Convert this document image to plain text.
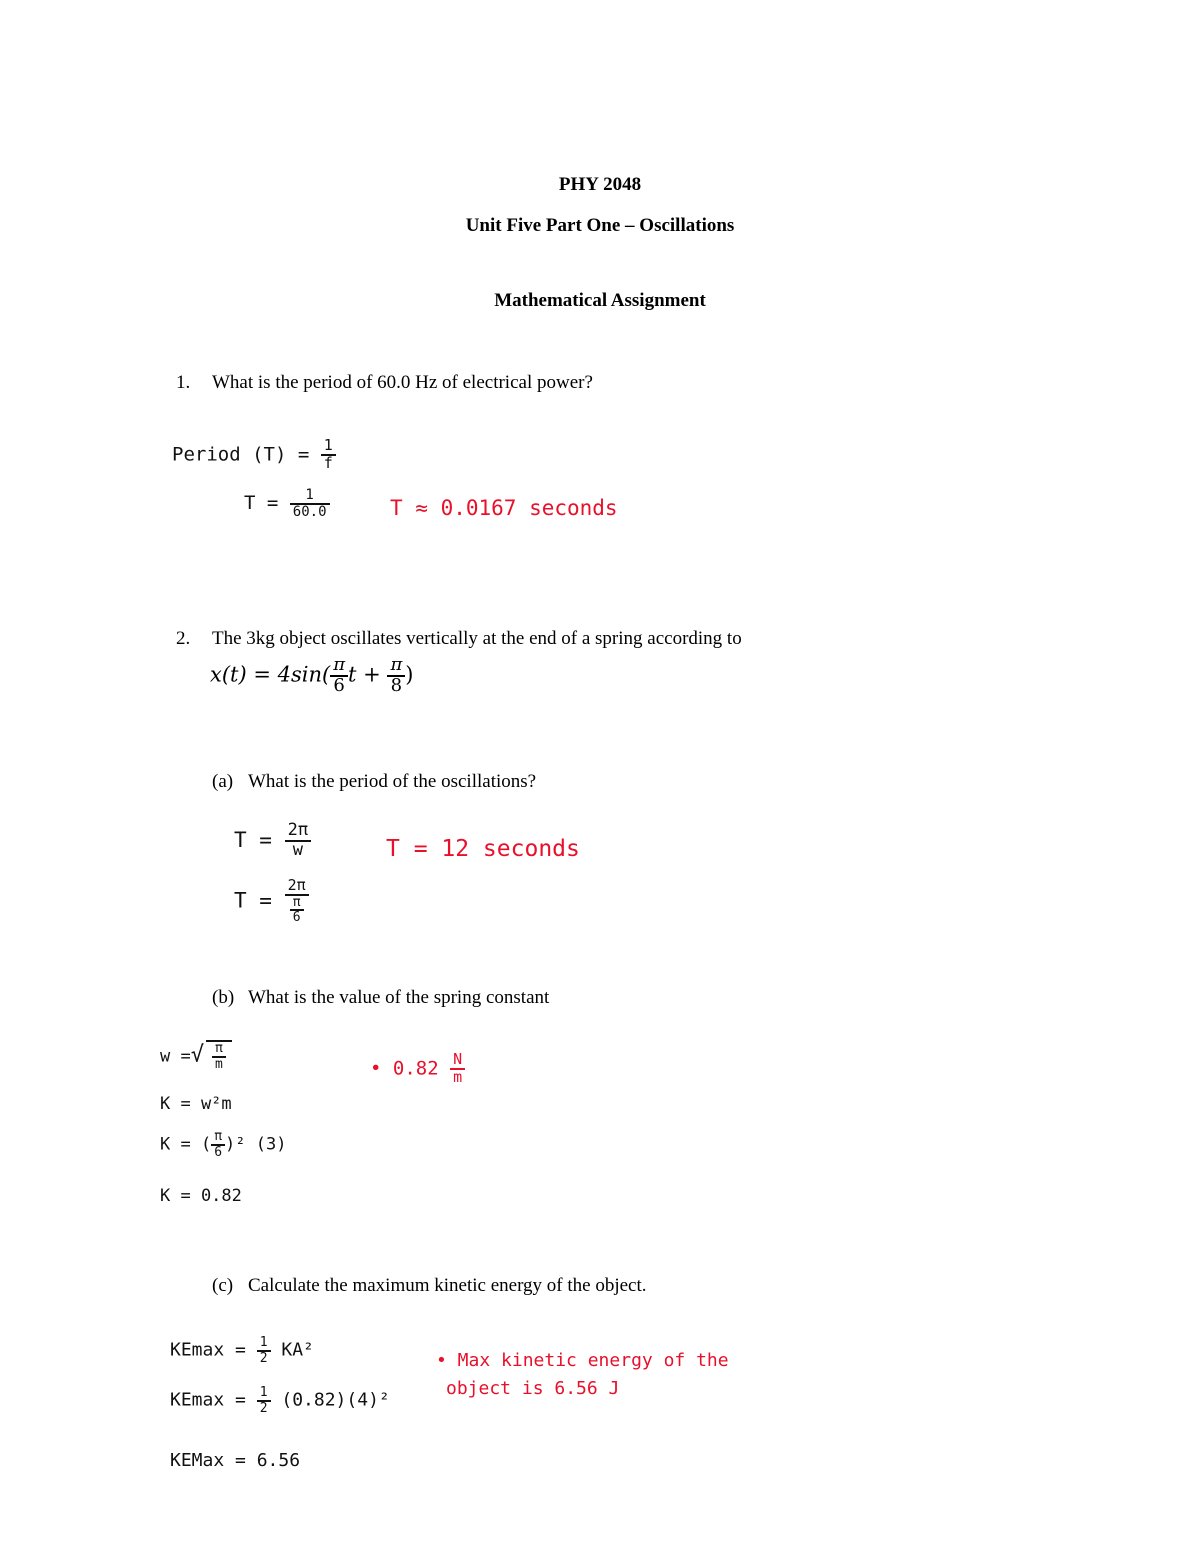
PHY 2048
Unit Five Part One – Oscillations
Mathematical Assignment
1. What is the period of 60.0 Hz of electrical power?
Period $(T) = \frac{1}{f}$
$T = \frac{1}{60.0}$	T ≈ 0.0167 seconds
2. The 3kg object oscillates vertically at the end of a spring according to
$x(t) = 4\sin( \frac{\pi}{6}$ $t + \frac{\pi}{8}$ )
(a) What is the period of the oscillations?
$T = \frac{2\pi}{w}$
$T = \frac{2\pi}{\frac{\pi}{6}}$
T = 12 seconds
(b) What is the value of the spring constant
w =√ $\frac{\pi}{m}$
K = w²m
K = ( $\frac{\pi}{6} )^2$ (3)
K = 0.82
• $0.82 \frac{N}{m}$
(c) Calculate the maximum kinetic energy of the object.
$KEmax = \frac{1}{2} KA^2$
$KEmax = \frac{1}{2} (0.82)(4)^2$
KEMax = 6.56
• Max kinetic energy of the
object is 6.56 J
